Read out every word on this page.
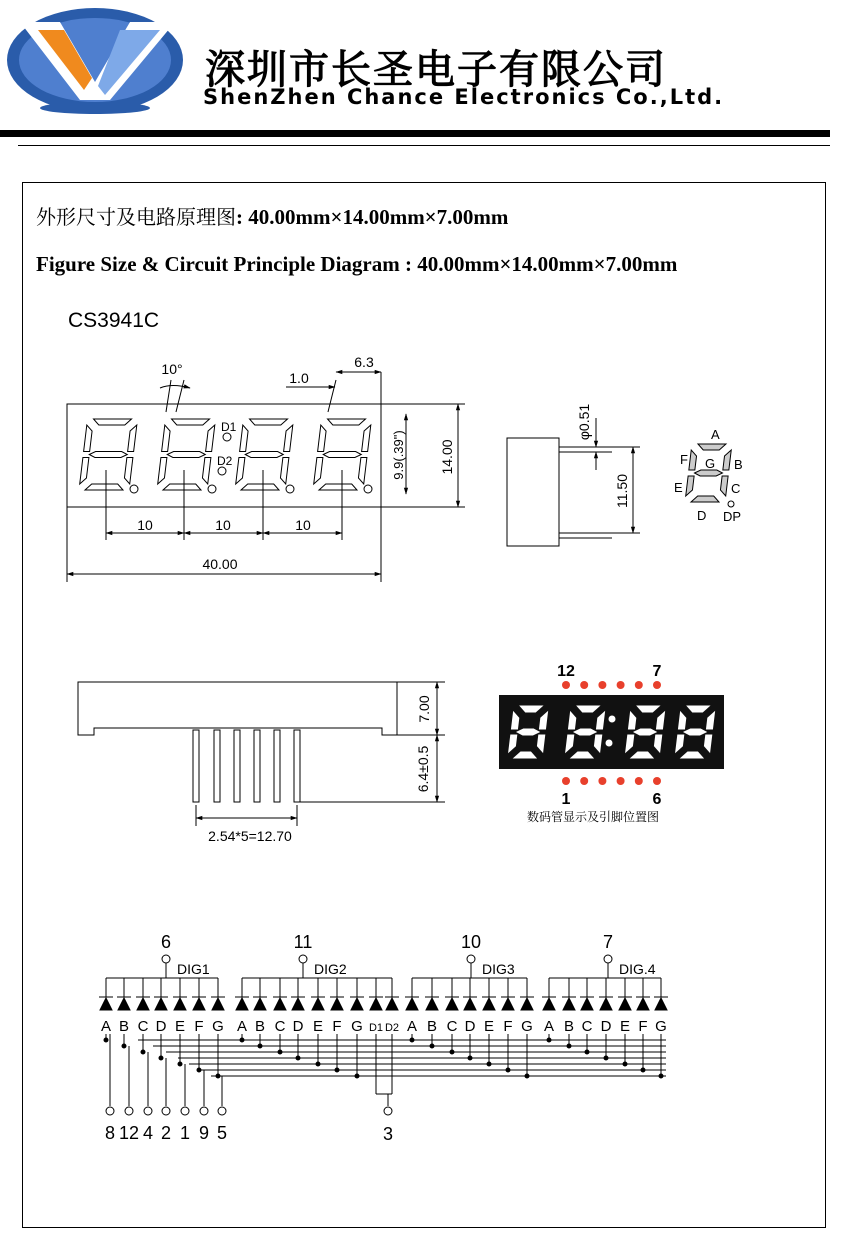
深圳市长圣电子有限公司
ShenZhen Chance Electronics Co.,Ltd.
外形尺寸及电路原理图: 40.00mm×14.00mm×7.00mm
Figure Size & Circuit Principle Diagram : 40.00mm×14.00mm×7.00mm
CS3941C
10°
1.0
6.3
10	10	10
40.00
14.00
9.9(.39")
D1
D2
φ0.51
11.50
A
F G B
E	C
D DP
7.00
6.4±0.5
2.54*5=12.70
12	7
1	6
6
DIG1
A B C D E F G
11
DIG2
A B C D E F G D1 D2
10
DIG3
A B C D E F G
7
DIG.4
A B C D E F G
8 12 4 2 1 9 5	3
数码管显示及引脚位置图
